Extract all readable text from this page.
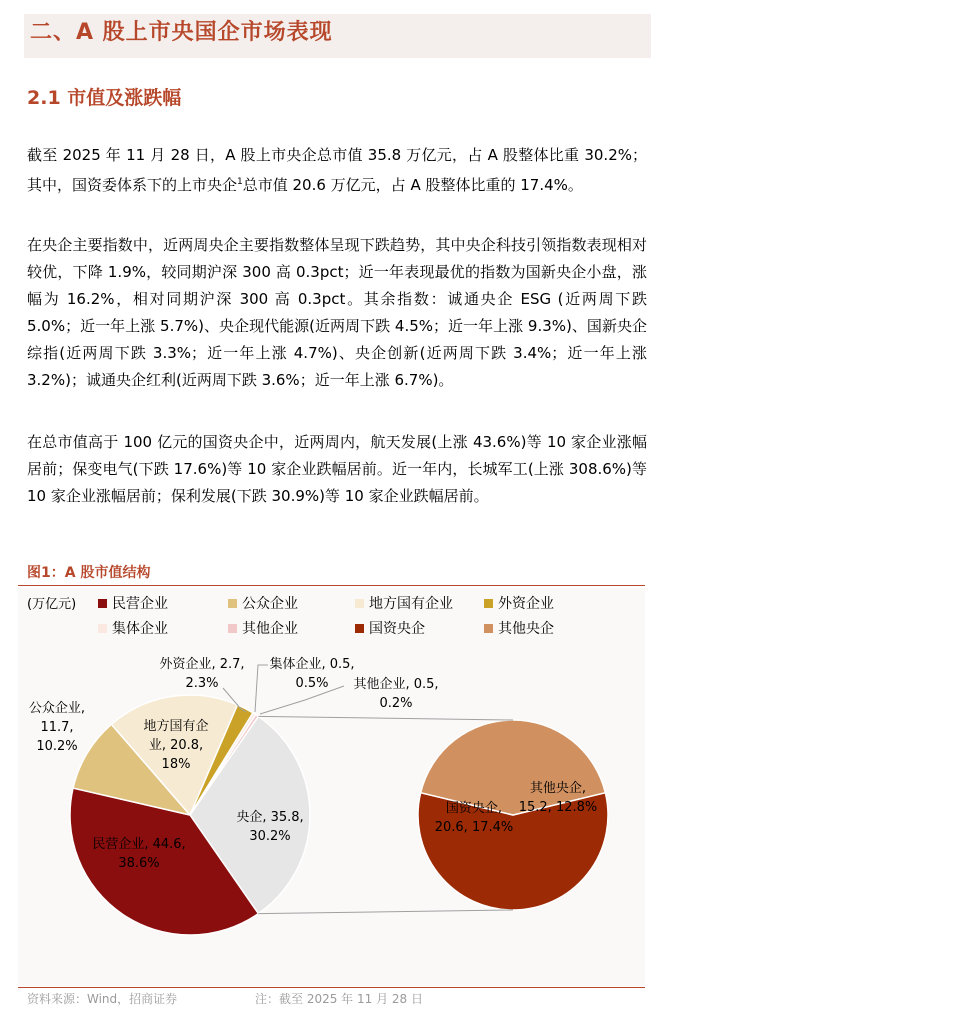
二、A 股上市央国企市场表现
2.1 市值及涨跌幅
截至 2025 年 11 月 28 日，A 股上市央企总市值 35.8 万亿元，占 A 股整体比重 30.2%；其中，国资委体系下的上市央企$^1$总市值 20.6 万亿元，占 A 股整体比重的 17.4%。
在央企主要指数中，近两周央企主要指数整体呈现下跌趋势，其中央企科技引领指数表现相对较优，下降 1.9%，较同期沪深 300 高 0.3pct；近一年表现最优的指数为国新央企小盘，涨幅为 16.2%，相对同期沪深 300 高 0.3pct。其余指数：诚通央企 ESG (近两周下跌 5.0%；近一年上涨 5.7%)、央企现代能源(近两周下跌 4.5%；近一年上涨 9.3%)、国新央企综指(近两周下跌 3.3%；近一年上涨 4.7%)、央企创新(近两周下跌 3.4%；近一年上涨 3.2%)；诚通央企红利(近两周下跌 3.6%；近一年上涨 6.7%)。
在总市值高于 100 亿元的国资央企中，近两周内，航天发展(上涨 43.6%)等 10 家企业涨幅居前；保变电气(下跌 17.6%)等 10 家企业跌幅居前。近一年内，长城军工(上涨 308.6%)等 10 家企业涨幅居前；保利发展(下跌 30.9%)等 10 家企业跌幅居前。
图1：A 股市值结构
(万亿元)	民营企业	公众企业	地方国有企业	外资企业
集体企业	其他企业	国资央企	其他央企
央企, 35.8, 30.2%
民营企业, 44.6, 38.6%
公众企业, 11.7, 10.2%
地方国有企业, 20.8, 18%
外资企业, 2.7, 2.3%
集体企业, 0.5, 0.5%	其他企业, 0.5, 0.2%
国资央企, 20.6, 17.4%
其他央企, 15.2, 12.8%
资料来源：Wind，招商证券	注：截至 2025 年 11 月 28 日
